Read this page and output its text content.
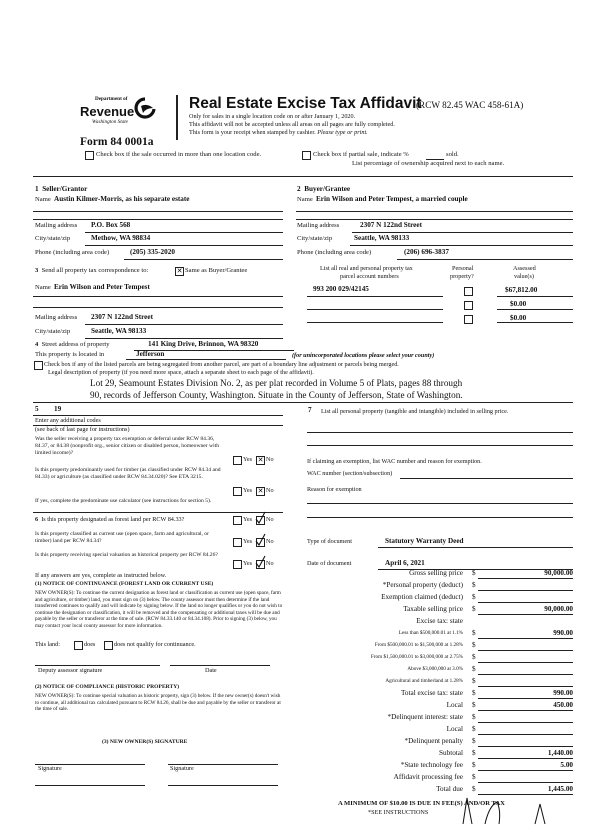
Department of
Revenue
Washington State
Real Estate Excise Tax Affidavit
(RCW 82.45 WAC 458-61A)
Only for sales in a single location code on or after January 1, 2020.
This affidavit will not be accepted unless all areas on all pages are fully completed.
This form is your receipt when stamped by cashier. Please type or print.
Form 84 0001a
Check box if the sale occurred in more than one location code.	Check box if partial sale, indicate %	sold.
List percentage of ownership acquired next to each name.
1 Seller/Grantor
Name Austin Kilmer-Morris, as his separate estate
Mailing address P.O. Box 568
City/state/zip	Methow, WA 98834
Phone (including area code)	(205) 335-2020
2 Buyer/Grantee
Name Erin Wilson and Peter Tempest, a married couple
Mailing address	2307 N 122nd Street
City/state/zip	Seattle, WA 98133
Phone (including area code)	(206) 696-3837
3 Send all property tax correspondence to: ✕	Same as Buyer/Grantee
Name Erin Wilson and Peter Tempest
Mailing address 2307 N 122nd Street
City/state/zip	Seattle, WA 98133
List all real and personal property tax
parcel account numbers
Personal
property?
Assessed
value(s)
993 200 029/42145	$67,812.00
$0.00
$0.00
4 Street address of property	141 King Drive, Brinnon, WA 98320
This property is located in	Jefferson	(for unincorporated locations please select your county)
Check box if any of the listed parcels are being segregated from another parcel, are part of a boundary line adjustment or parcels being merged.
Legal description of property (if you need more space, attach a separate sheet to each page of the affidavit).
Lot 29, Seamount Estates Division No. 2, as per plat recorded in Volume 5 of Plats, pages 88 through
90, records of Jefferson County, Washington. Situate in the County of Jefferson, State of Washington.
5 19
Enter any additional codes
(see back of last page for instructions)
Was the seller receiving a property tax exemption or deferral under RCW 84.36, 84.37, or 84.38 (nonprofit org., senior citizen or disabled person, homeowner with limited income)?
Yes ✕ No
Is this property predominantly used for timber (as classified under RCW 84.34 and 84.33) or agriculture (as classified under RCW 84.34.020)? See ETA 3215.
Yes ✕ No
If yes, complete the predominate use calculator (see instructions for section 5).
6 Is this property designated as forest land per RCW 84.33?	Yes No
Is this property classified as current use (open space, farm and agricultural, or timber) land per RCW 84.34?	Yes No
Is this property receiving special valuation as historical property per RCW 84.26?
Yes No
If any answers are yes, complete as instructed below.
(1) NOTICE OF CONTINUANCE (FOREST LAND OR CURRENT USE)
NEW OWNER(S): To continue the current designation as forest land or classification as current use (open space, farm and agriculture, or timber) land, you must sign on (3) below. The county assessor must then determine if the land transferred continues to qualify and will indicate by signing below. If the land no longer qualifies or you do not wish to continue the designation or classification, it will be removed and the compensating or additional taxes will be due and payable by the seller or transferor at the time of sale. (RCW 84.33.140 or 84.34.108). Prior to signing (3) below, you may contact your local county assessor for more information.
This land:	does	does not qualify for continuance.
Deputy assessor signature	Date
(2) NOTICE OF COMPLIANCE (HISTORIC PROPERTY)
NEW OWNER(S): To continue special valuation as historic property, sign (3) below. If the new owner(s) doesn't wish to continue, all additional tax calculated pursuant to RCW 84.26, shall be due and payable by the seller or transferor at the time of sale.
(3) NEW OWNER(S) SIGNATURE
Signature	Signature
7 List all personal property (tangible and intangible) included in selling price.
If claiming an exemption, list WAC number and reason for exemption.
WAC number (section/subsection)
Reason for exemption
Type of document	Statutory Warranty Deed
Date of document	April 6, 2021
Gross selling price $	90,000.00
*Personal property (deduct) $
Exemption claimed (deduct) $
Taxable selling price $	90,000.00
Excise tax: state
Less than $500,000.01 at 1.1% $	990.00
From $500,000.01 to $1,500,000 at 1.28% $
From $1,500,000.01 to $3,000,000 at 2.75% $
Above $3,000,000 at 3.0% $
Agricultural and timberland at 1.28% $
Total excise tax: state $	990.00
Local $	450.00
*Delinquent interest: state $
Local $
*Delinquent penalty $
Subtotal $	1,440.00
*State technology fee $	5.00
Affidavit processing fee $
Total due $	1,445.00
A MINIMUM OF $10.00 IS DUE IN FEE(S) AND/OR TAX
*SEE INSTRUCTIONS
